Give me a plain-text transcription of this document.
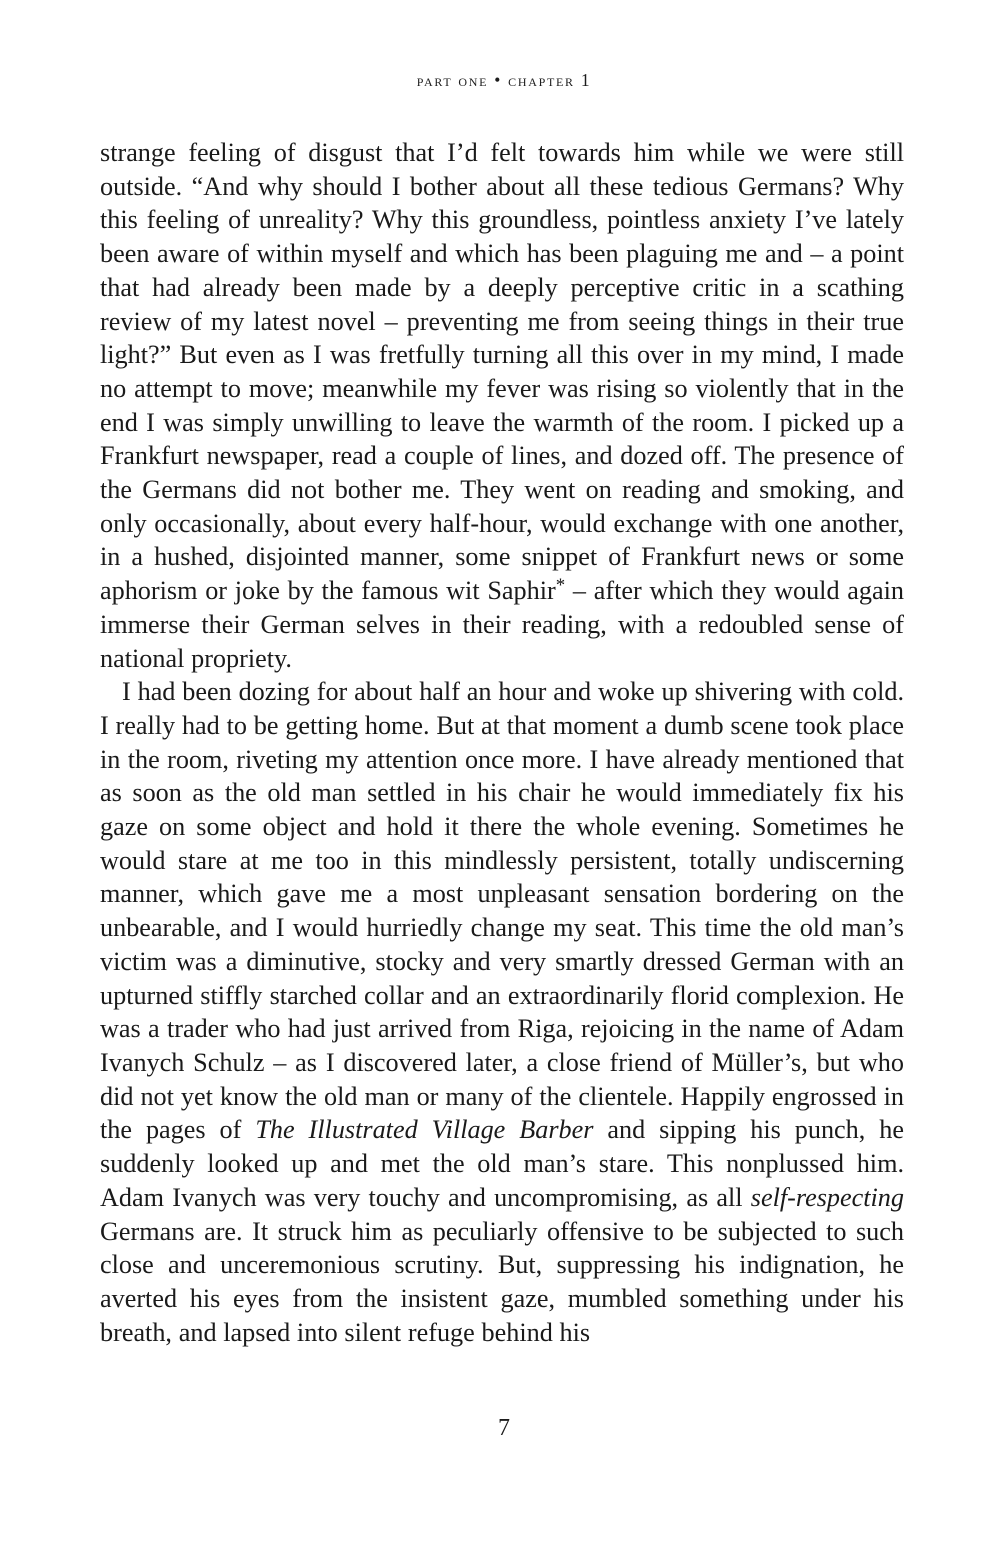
part one • chapter 1

strange feeling of disgust that I’d felt towards him while we were still outside. “And why should I bother about all these tedious Germans? Why this feeling of unreality? Why this groundless, pointless anxiety I’ve lately been aware of within myself and which has been plaguing me and – a point that had already been made by a deeply perceptive critic in a scathing review of my latest novel – preventing me from seeing things in their true light?” But even as I was fretfully turning all this over in my mind, I made no attempt to move; meanwhile my fever was rising so violently that in the end I was simply unwilling to leave the warmth of the room. I picked up a Frankfurt newspaper, read a couple of lines, and dozed off. The presence of the Germans did not bother me. They went on reading and smoking, and only occasionally, about every half-hour, would exchange with one another, in a hushed, disjointed manner, some snippet of Frankfurt news or some aphorism or joke by the famous wit Saphir* – after which they would again immerse their German selves in their reading, with a redoubled sense of national propriety.

I had been dozing for about half an hour and woke up shivering with cold. I really had to be getting home. But at that moment a dumb scene took place in the room, riveting my attention once more. I have already mentioned that as soon as the old man settled in his chair he would immediately fix his gaze on some object and hold it there the whole evening. Sometimes he would stare at me too in this mindlessly persistent, totally undiscerning manner, which gave me a most unpleasant sensation bordering on the unbearable, and I would hurriedly change my seat. This time the old man’s victim was a diminutive, stocky and very smartly dressed German with an upturned stiffly starched collar and an extraordinarily florid complexion. He was a trader who had just arrived from Riga, rejoicing in the name of Adam Ivanych Schulz – as I discovered later, a close friend of Müller’s, but who did not yet know the old man or many of the clientele. Happily engrossed in the pages of The Illustrated Village Barber and sipping his punch, he suddenly looked up and met the old man’s stare. This nonplussed him. Adam Ivanych was very touchy and uncompromising, as all self-respecting Germans are. It struck him as peculiarly offensive to be subjected to such close and unceremonious scrutiny. But, suppressing his indignation, he averted his eyes from the insistent gaze, mumbled something under his breath, and lapsed into silent refuge behind his

7
